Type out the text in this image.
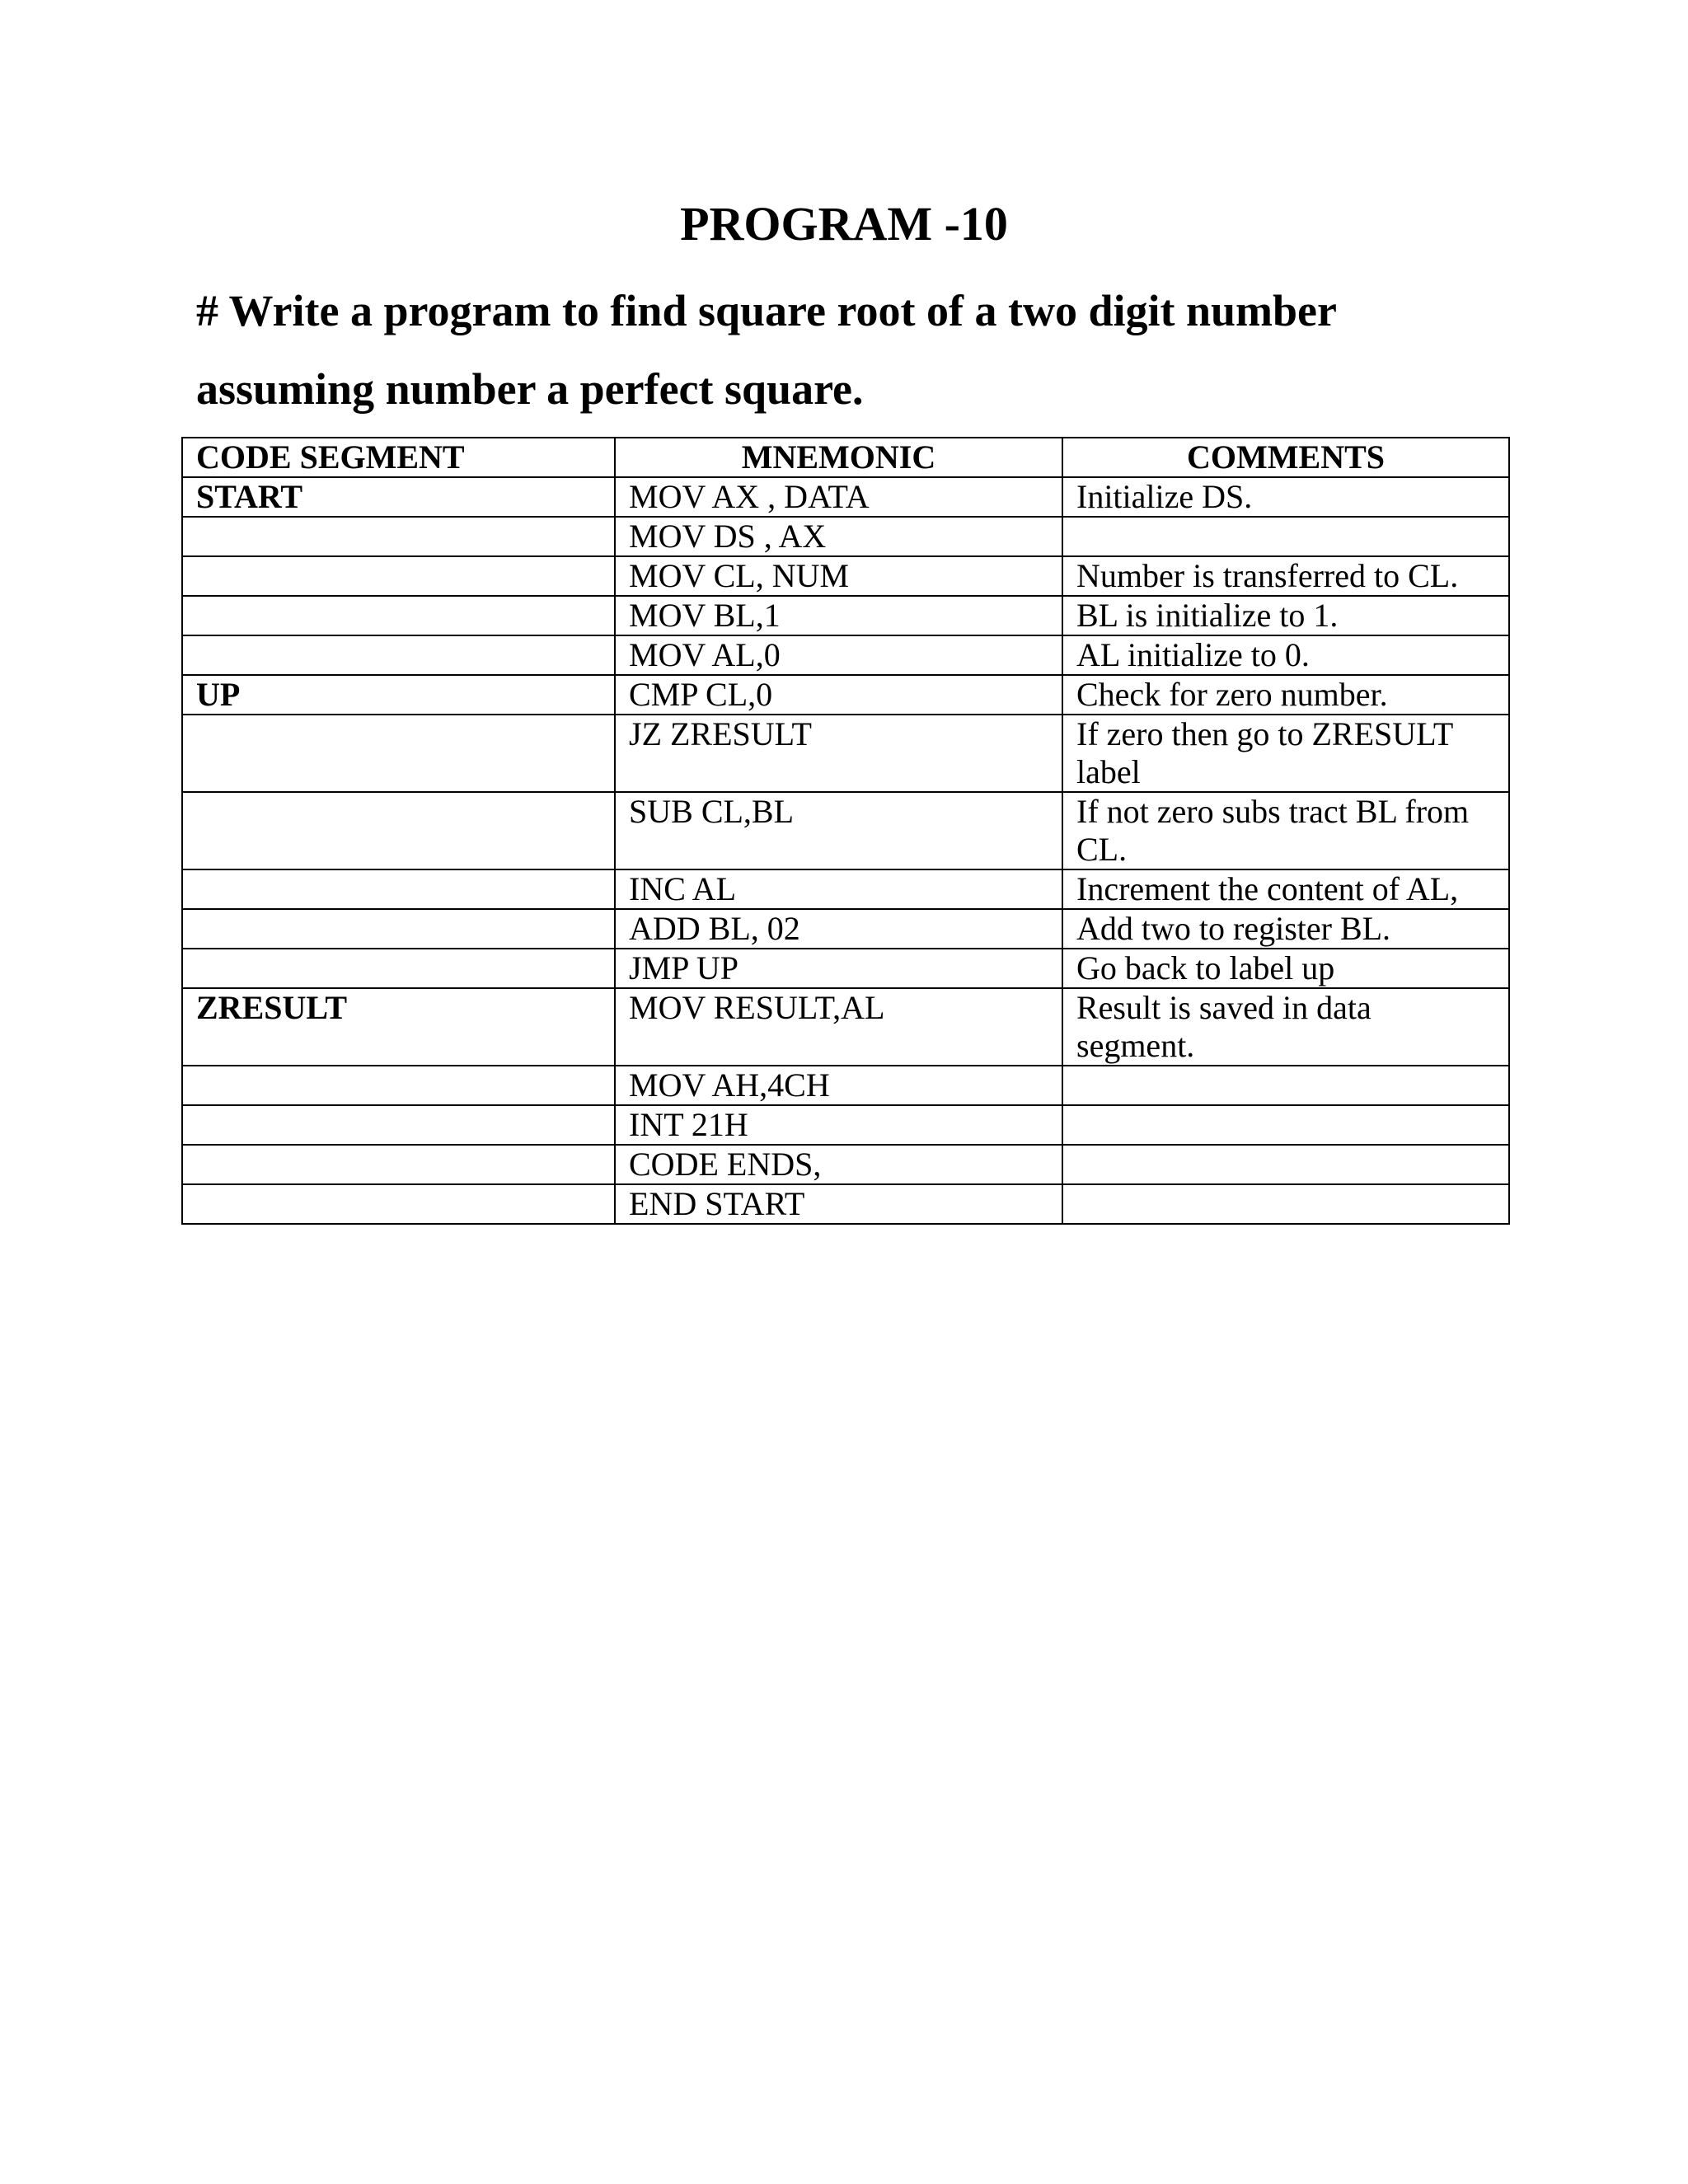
PROGRAM -10

# Write a program to find square root of a two digit number assuming number a perfect square.

CODE SEGMENT	MNEMONIC	COMMENTS
START	MOV AX , DATA	Initialize DS.
	MOV DS , AX	
	MOV CL, NUM	Number is transferred to CL.
	MOV BL,1	BL is initialize to 1.
	MOV AL,0	AL initialize to 0.
UP	CMP CL,0	Check for zero number.
	JZ ZRESULT	If zero then go to ZRESULT label
	SUB CL,BL	If not zero subs tract BL from CL.
	INC AL	Increment the content of AL,
	ADD BL, 02	Add two to register BL.
	JMP UP	Go back to label up
ZRESULT	MOV RESULT,AL	Result is saved in data segment.
	MOV AH,4CH	
	INT 21H	
	CODE ENDS,	
	END START	
